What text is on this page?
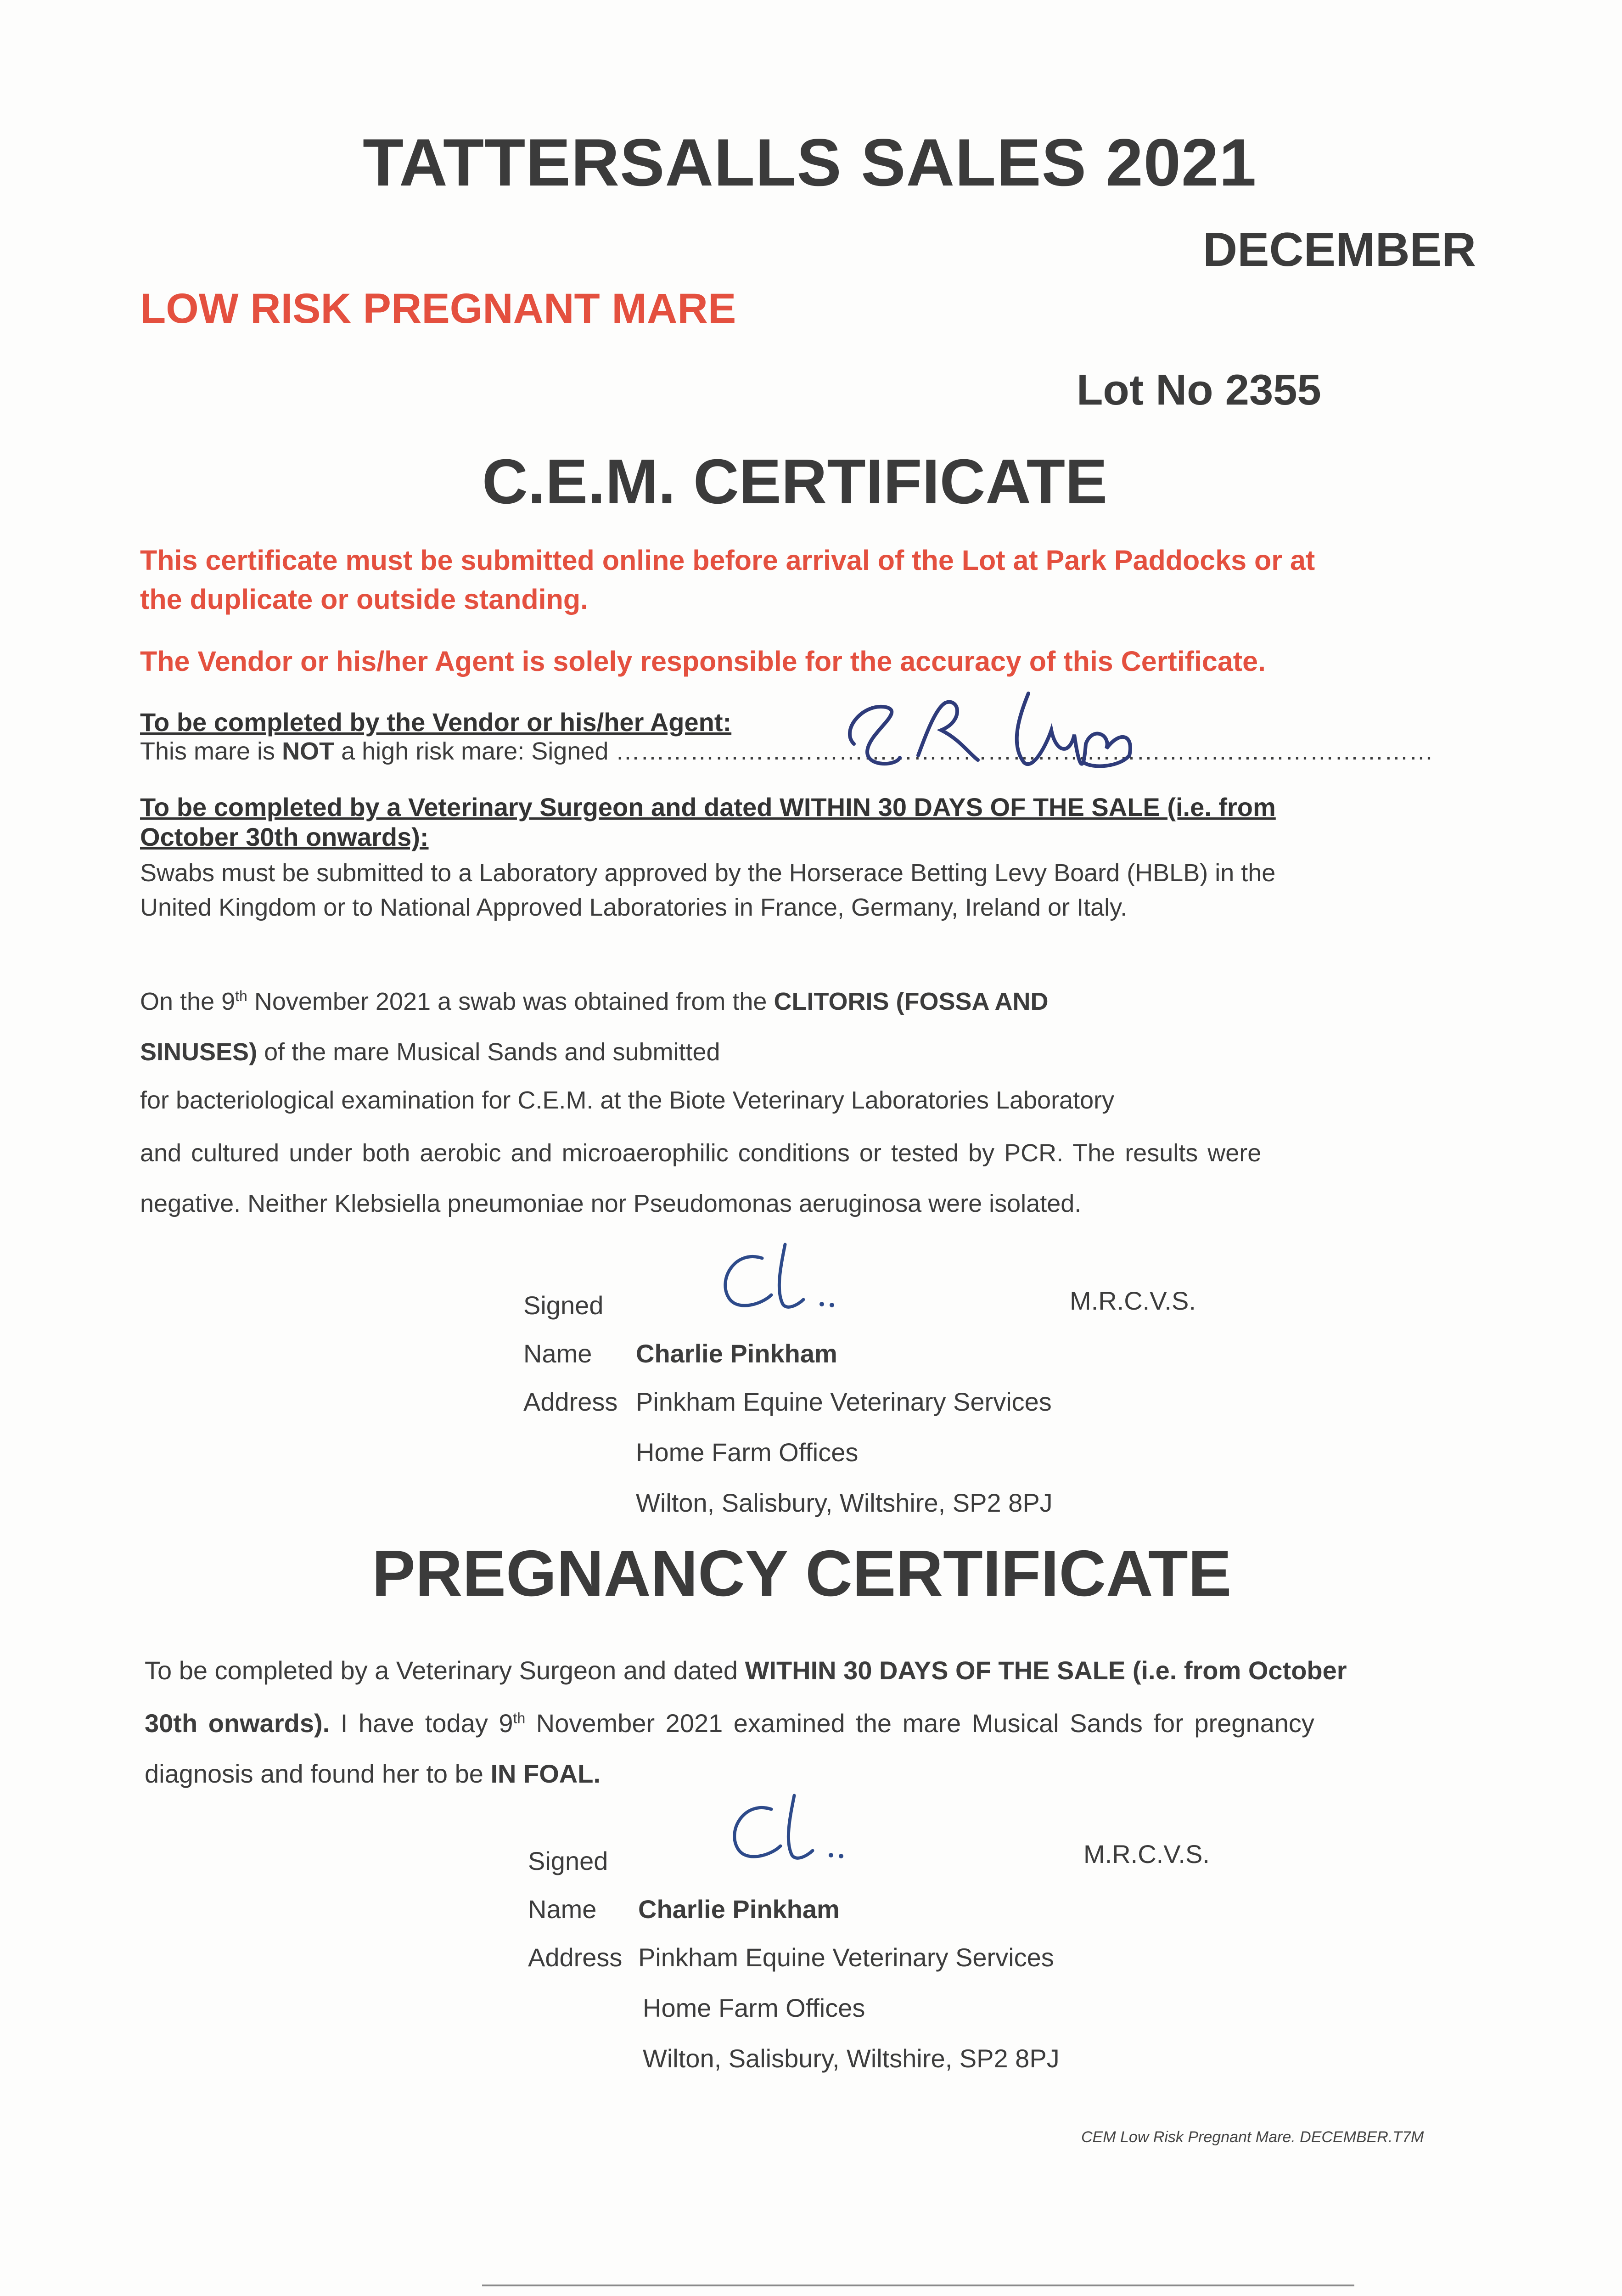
TATTERSALLS SALES 2021
DECEMBER
LOW RISK PREGNANT MARE
Lot No 2355
C.E.M. CERTIFICATE
This certificate must be submitted online before arrival of the Lot at Park Paddocks or at
the duplicate or outside standing.
The Vendor or his/her Agent is solely responsible for the accuracy of this Certificate.
To be completed by the Vendor or his/her Agent:
This mare is NOT a high risk mare: Signed ………………………………………………………………………………………
To be completed by a Veterinary Surgeon and dated WITHIN 30 DAYS OF THE SALE (i.e. from
October 30th onwards):
Swabs must be submitted to a Laboratory approved by the Horserace Betting Levy Board (HBLB) in the
United Kingdom or to National Approved Laboratories in France, Germany, Ireland or Italy.
On the 9th November 2021 a swab was obtained from the CLITORIS (FOSSA AND
SINUSES) of the mare Musical Sands and submitted
for bacteriological examination for C.E.M. at the Biote Veterinary Laboratories Laboratory
and cultured under both aerobic and microaerophilic conditions or tested by PCR. The results were
negative. Neither Klebsiella pneumoniae nor Pseudomonas aeruginosa were isolated.
Signed	M.R.C.V.S.
Name Charlie Pinkham
Address Pinkham Equine Veterinary Services
Home Farm Offices
Wilton, Salisbury, Wiltshire, SP2 8PJ
PREGNANCY CERTIFICATE
To be completed by a Veterinary Surgeon and dated WITHIN 30 DAYS OF THE SALE (i.e. from October
30th onwards). I have today 9th November 2021 examined the mare Musical Sands for pregnancy
diagnosis and found her to be IN FOAL.
Signed	M.R.C.V.S.
Name Charlie Pinkham
Address Pinkham Equine Veterinary Services
Home Farm Offices
Wilton, Salisbury, Wiltshire, SP2 8PJ
CEM Low Risk Pregnant Mare. DECEMBER.T7M
